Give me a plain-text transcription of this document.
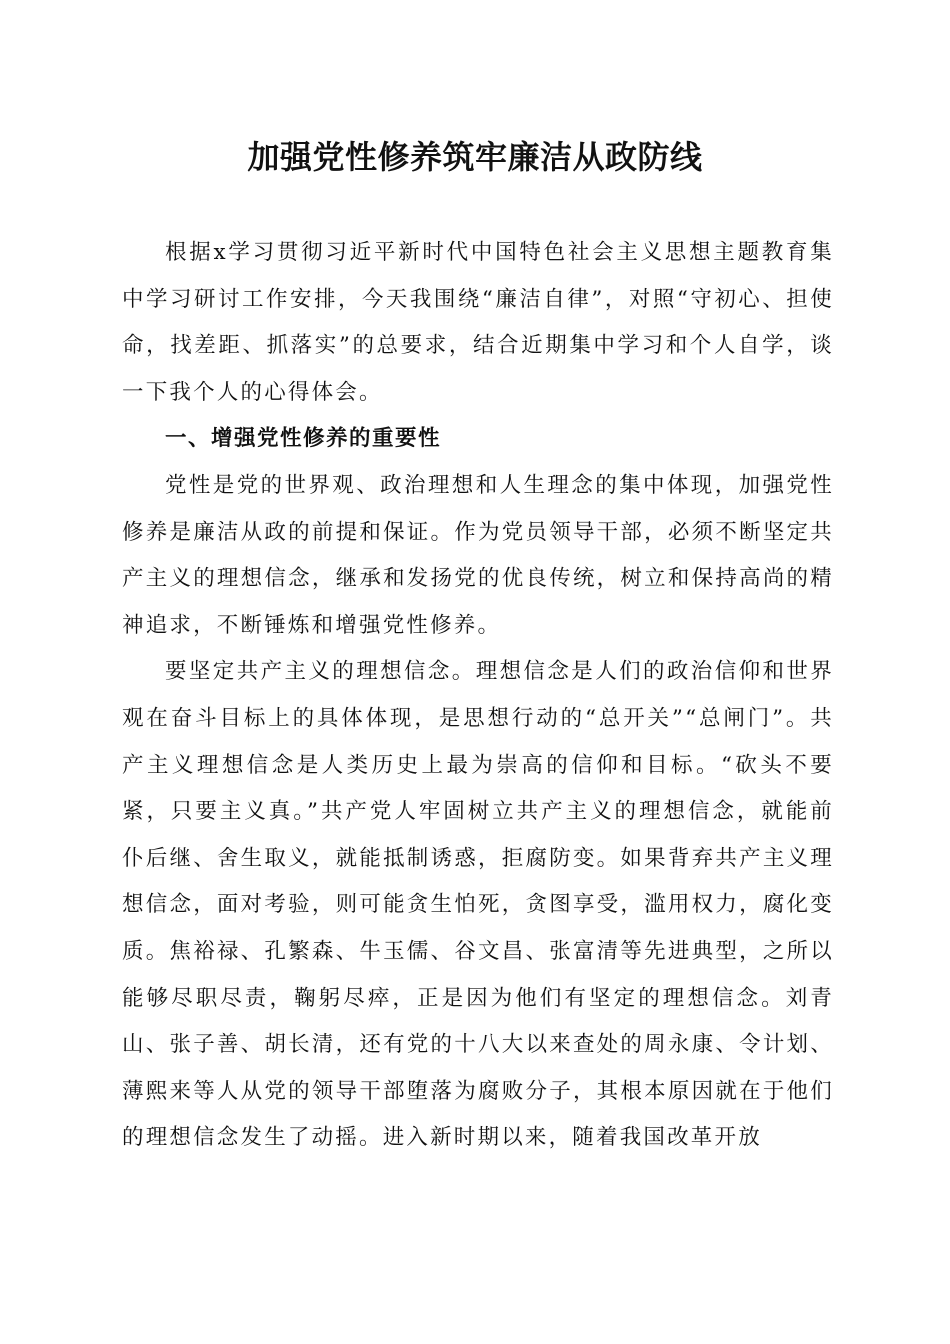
加强党性修养筑牢廉洁从政防线

根据x学习贯彻习近平新时代中国特色社会主义思想主题教育集中学习研讨工作安排，今天我围绕“廉洁自律”，对照“守初心、担使命，找差距、抓落实”的总要求，结合近期集中学习和个人自学，谈一下我个人的心得体会。

一、增强党性修养的重要性

党性是党的世界观、政治理想和人生理念的集中体现，加强党性修养是廉洁从政的前提和保证。作为党员领导干部，必须不断坚定共产主义的理想信念，继承和发扬党的优良传统，树立和保持高尚的精神追求，不断锤炼和增强党性修养。

要坚定共产主义的理想信念。理想信念是人们的政治信仰和世界观在奋斗目标上的具体体现，是思想行动的“总开关”“总闸门”。共产主义理想信念是人类历史上最为崇高的信仰和目标。“砍头不要紧，只要主义真。”共产党人牢固树立共产主义的理想信念，就能前仆后继、舍生取义，就能抵制诱惑，拒腐防变。如果背弃共产主义理想信念，面对考验，则可能贪生怕死，贪图享受，滥用权力，腐化变质。焦裕禄、孔繁森、牛玉儒、谷文昌、张富清等先进典型，之所以能够尽职尽责，鞠躬尽瘁，正是因为他们有坚定的理想信念。刘青山、张子善、胡长清，还有党的十八大以来查处的周永康、令计划、薄熙来等人从党的领导干部堕落为腐败分子，其根本原因就在于他们的理想信念发生了动摇。进入新时期以来，随着我国改革开放
